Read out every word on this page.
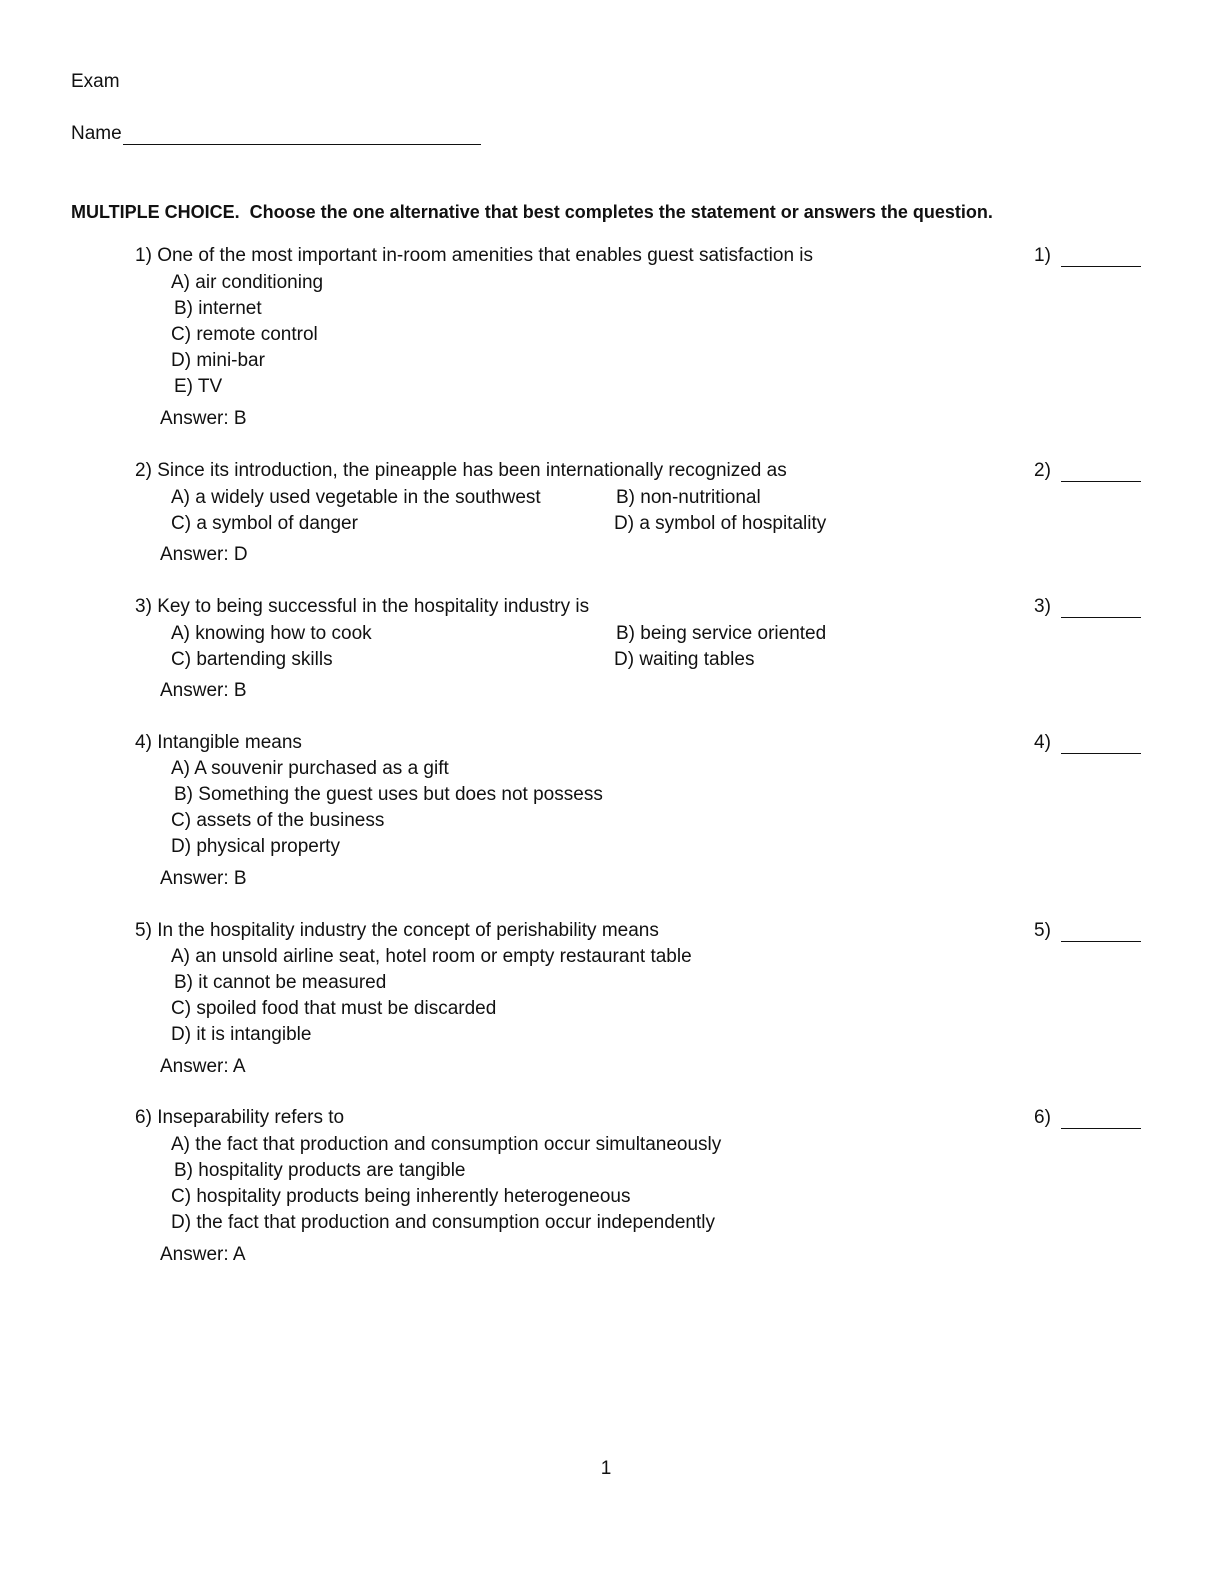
Exam
Name
MULTIPLE CHOICE. Choose the one alternative that best completes the statement or answers the question.
1) One of the most important in-room amenities that enables guest satisfaction is	1)
A) air conditioning
B) internet
C) remote control
D) mini-bar
E) TV
Answer: B
2) Since its introduction, the pineapple has been internationally recognized as	2)
A) a widely used vegetable in the southwest	B) non-nutritional
C) a symbol of danger	D) a symbol of hospitality
Answer: D
3) Key to being successful in the hospitality industry is	3)
A) knowing how to cook	B) being service oriented
C) bartending skills	D) waiting tables
Answer: B
4) Intangible means	4)
A) A souvenir purchased as a gift
B) Something the guest uses but does not possess
C) assets of the business
D) physical property
Answer: B
5) In the hospitality industry the concept of perishability means	5)
A) an unsold airline seat, hotel room or empty restaurant table
B) it cannot be measured
C) spoiled food that must be discarded
D) it is intangible
Answer: A
6) Inseparability refers to	6)
A) the fact that production and consumption occur simultaneously
B) hospitality products are tangible
C) hospitality products being inherently heterogeneous
D) the fact that production and consumption occur independently
Answer: A
1
